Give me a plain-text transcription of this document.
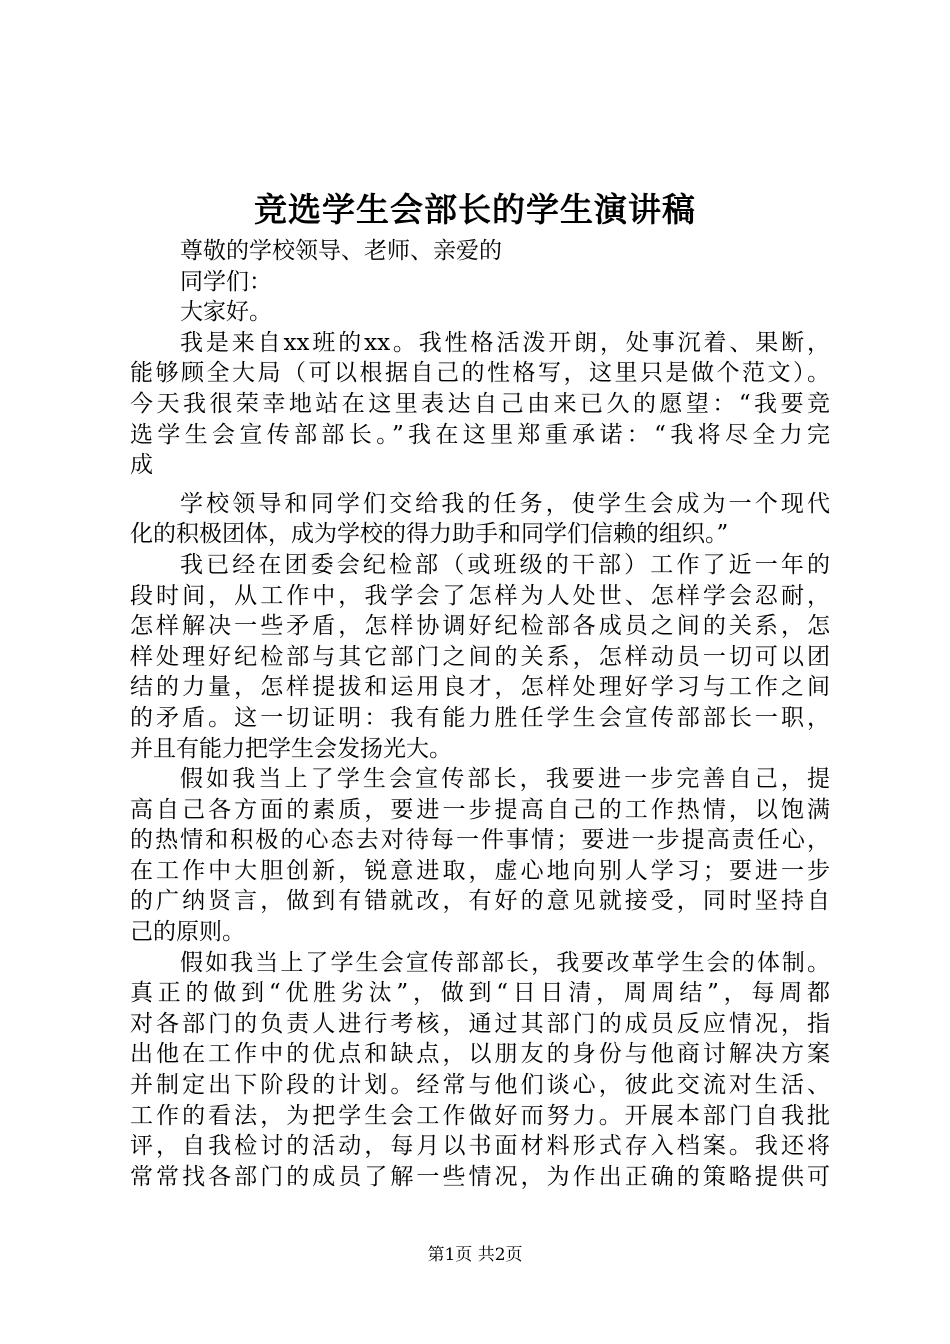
竞选学生会部长的学生演讲稿
尊敬的学校领导、老师、亲爱的
同学们：
大家好。
我是来自xx班的xx。我性格活泼开朗，处事沉着、果断，
能够顾全大局（可以根据自己的性格写，这里只是做个范文）。
今天我很荣幸地站在这里表达自己由来已久的愿望：“我要竞
选学生会宣传部部长。”我在这里郑重承诺：“我将尽全力完
成
学校领导和同学们交给我的任务，使学生会成为一个现代
化的积极团体，成为学校的得力助手和同学们信赖的组织。”
我已经在团委会纪检部（或班级的干部）工作了近一年的
段时间，从工作中，我学会了怎样为人处世、怎样学会忍耐，
怎样解决一些矛盾，怎样协调好纪检部各成员之间的关系，怎
样处理好纪检部与其它部门之间的关系，怎样动员一切可以团
结的力量，怎样提拔和运用良才，怎样处理好学习与工作之间
的矛盾。这一切证明：我有能力胜任学生会宣传部部长一职，
并且有能力把学生会发扬光大。
假如我当上了学生会宣传部长，我要进一步完善自己，提
高自己各方面的素质，要进一步提高自己的工作热情，以饱满
的热情和积极的心态去对待每一件事情；要进一步提高责任心，
在工作中大胆创新，锐意进取，虚心地向别人学习；要进一步
的广纳贤言，做到有错就改，有好的意见就接受，同时坚持自
己的原则。
假如我当上了学生会宣传部部长，我要改革学生会的体制。
真正的做到“优胜劣汰”，做到“日日清，周周结”，每周都
对各部门的负责人进行考核，通过其部门的成员反应情况，指
出他在工作中的优点和缺点，以朋友的身份与他商讨解决方案
并制定出下阶段的计划。经常与他们谈心，彼此交流对生活、
工作的看法，为把学生会工作做好而努力。开展本部门自我批
评，自我检讨的活动，每月以书面材料形式存入档案。我还将
常常找各部门的成员了解一些情况，为作出正确的策略提供可
第1页 共2页
